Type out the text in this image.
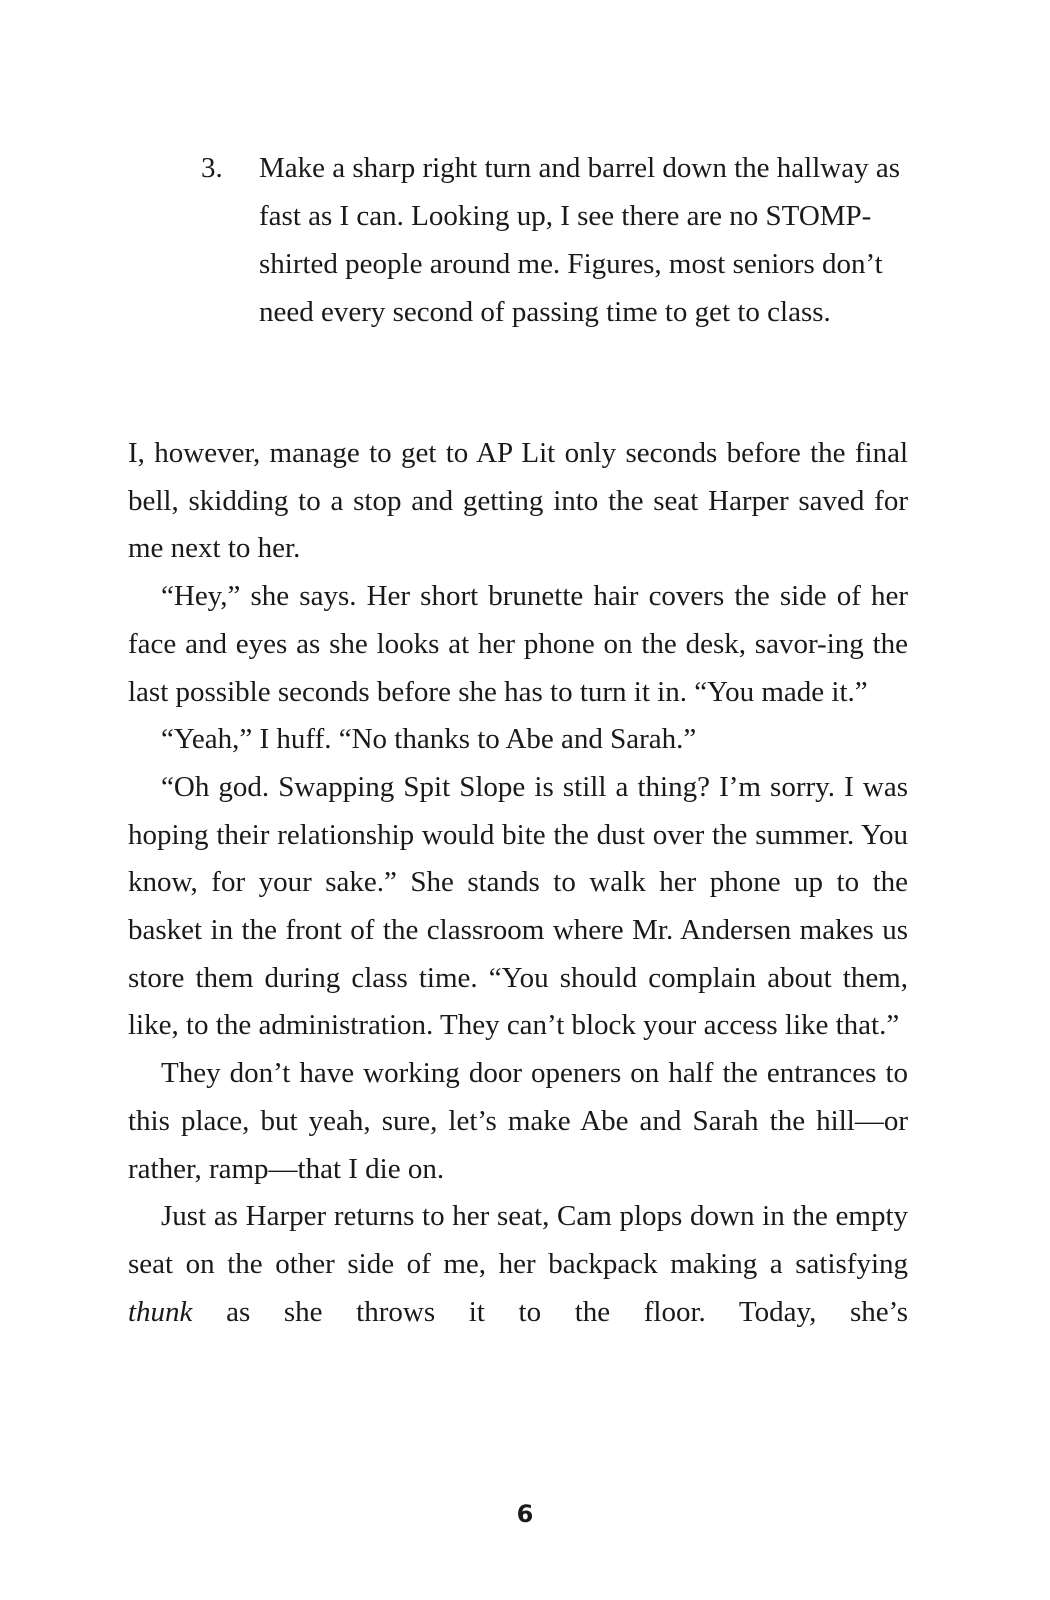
3.	Make a sharp right turn and barrel down the hallway as fast as I can. Looking up, I see there are no STOMP-shirted people around me. Figures, most seniors don’t need every second of passing time to get to class.

I, however, manage to get to AP Lit only seconds before the final bell, skidding to a stop and getting into the seat Harper saved for me next to her.

“Hey,” she says. Her short brunette hair covers the side of her face and eyes as she looks at her phone on the desk, savor-ing the last possible seconds before she has to turn it in. “You made it.”

“Yeah,” I huff. “No thanks to Abe and Sarah.”

“Oh god. Swapping Spit Slope is still a thing? I’m sorry. I was hoping their relationship would bite the dust over the summer. You know, for your sake.” She stands to walk her phone up to the basket in the front of the classroom where Mr. Andersen makes us store them during class time. “You should complain about them, like, to the administration. They can’t block your access like that.”

They don’t have working door openers on half the entrances to this place, but yeah, sure, let’s make Abe and Sarah the hill—or rather, ramp—that I die on.

Just as Harper returns to her seat, Cam plops down in the empty seat on the other side of me, her backpack making a satisfying thunk as she throws it to the floor. Today, she’s

6
